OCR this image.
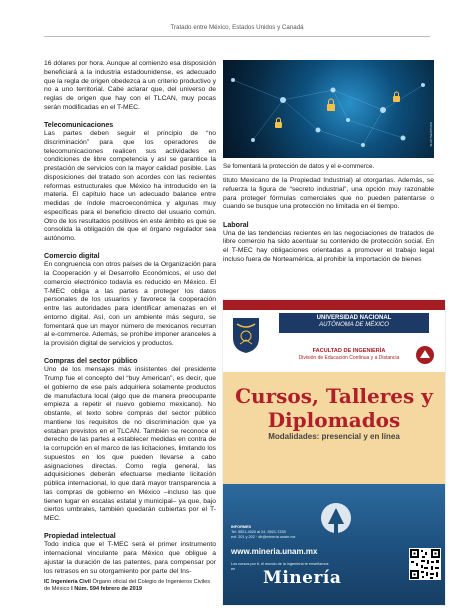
Tratado entre México, Estados Unidos y Canadá

16 dólares por hora. Aunque al comienzo esa disposición beneficiará a la industria estadounidense, es adecuado que la regla de origen obedezca a un criterio productivo y no a uno territorial. Cabe aclarar que, del universo de reglas de origen que hay con el TLCAN, muy pocas serán modificadas en el T-MEC.

Telecomunicaciones

Las partes deben seguir el principio de “no discriminación” para que los operadores de telecomunicaciones realicen sus actividades en condiciones de libre competencia y así se garantice la prestación de servicios con la mayor calidad posible. Las disposiciones del tratado son acordes con las recientes reformas estructurales que México ha introducido en la materia. El capítulo hace un adecuado balance entre medidas de índole macroeconómica y algunas muy específicas para el beneficio directo del usuario común. Otro de los resultados positivos en este ámbito es que se consolida la obligación de que el órgano regulador sea autónomo.

Comercio digital

En congruencia con otros países de la Organización para la Cooperación y el Desarrollo Económicos, el uso del comercio electrónico todavía es reducido en México. El T-MEC obliga a las partes a proteger los datos personales de los usuarios y favorece la cooperación entre las autoridades para identificar amenazas en el entorno digital. Así, con un ambiente más seguro, se fomentará que un mayor número de mexicanos recurran al e-commerce. Además, se prohíbe imponer aranceles a la provisión digital de servicios y productos.

Compras del sector público

Uno de los mensajes más insistentes del presidente Trump fue el concepto del “buy American”, es decir, que el gobierno de ese país adquiriera solamente productos de manufactura local (algo que de manera preocupante empieza a repetir el nuevo gobierno mexicano). No obstante, el texto sobre compras del sector público mantiene los requisitos de no discriminación que ya estaban previstos en el TLCAN. También se reconoce el derecho de las partes a establecer medidas en contra de la corrupción en el marco de las licitaciones, limitando los supuestos en los que pueden llevarse a cabo asignaciones directas. Como regla general, las adquisiciones deberán efectuarse mediante licitación pública internacional, lo que dará mayor transparencia a las compras de gobierno en México –incluso las que tienen lugar en escalas estatal y municipal– ya que, bajo ciertos umbrales, también quedarán cubiertas por el T-MEC.

Propiedad intelectual

Todo indica que el T-MEC será el primer instrumento internacional vinculante para México que obligue a ajustar la duración de las patentes, para compensar por los retrasos en su otorgamiento por parte del Ins-

SHUTTERSTOCK
Se fomentará la protección de datos y el e-commerce.

tituto Mexicano de la Propiedad Industrial) al otorgarlas. Además, se refuerza la figura de “secreto industrial”, una opción muy razonable para proteger fórmulas comerciales que no pueden patentarse o cuando se busque una protección no limitada en el tiempo.

Laboral

Una de las tendencias recientes en las negociaciones de tratados de libre comercio ha sido acentuar su contenido de protección social. En el T-MEC hay obligaciones orientadas a promover el trabajo legal incluso fuera de Norteamérica, al prohibir la importación de bienes

UNIVERSIDAD NACIONAL
AUTÓNOMA DE MÉXICO
FACULTAD DE INGENIERÍA
División de Educación Continua y a Distancia
Cursos, Talleres y
Diplomados
Modalidades: presencial y en línea
INFORMES
Tel. 5521-4020 al 24, 5521-7335
ext. 201 y 202 · dir@mineria.unam.mx
www.mineria.unam.mx
Los cursos por ti, el mundo de la ingeniería te enseñamos en	Minería
IC Ingeniería Civil Órgano oficial del Colegio de Ingenieros Civiles
de México I Núm. 594 febrero de 2019
